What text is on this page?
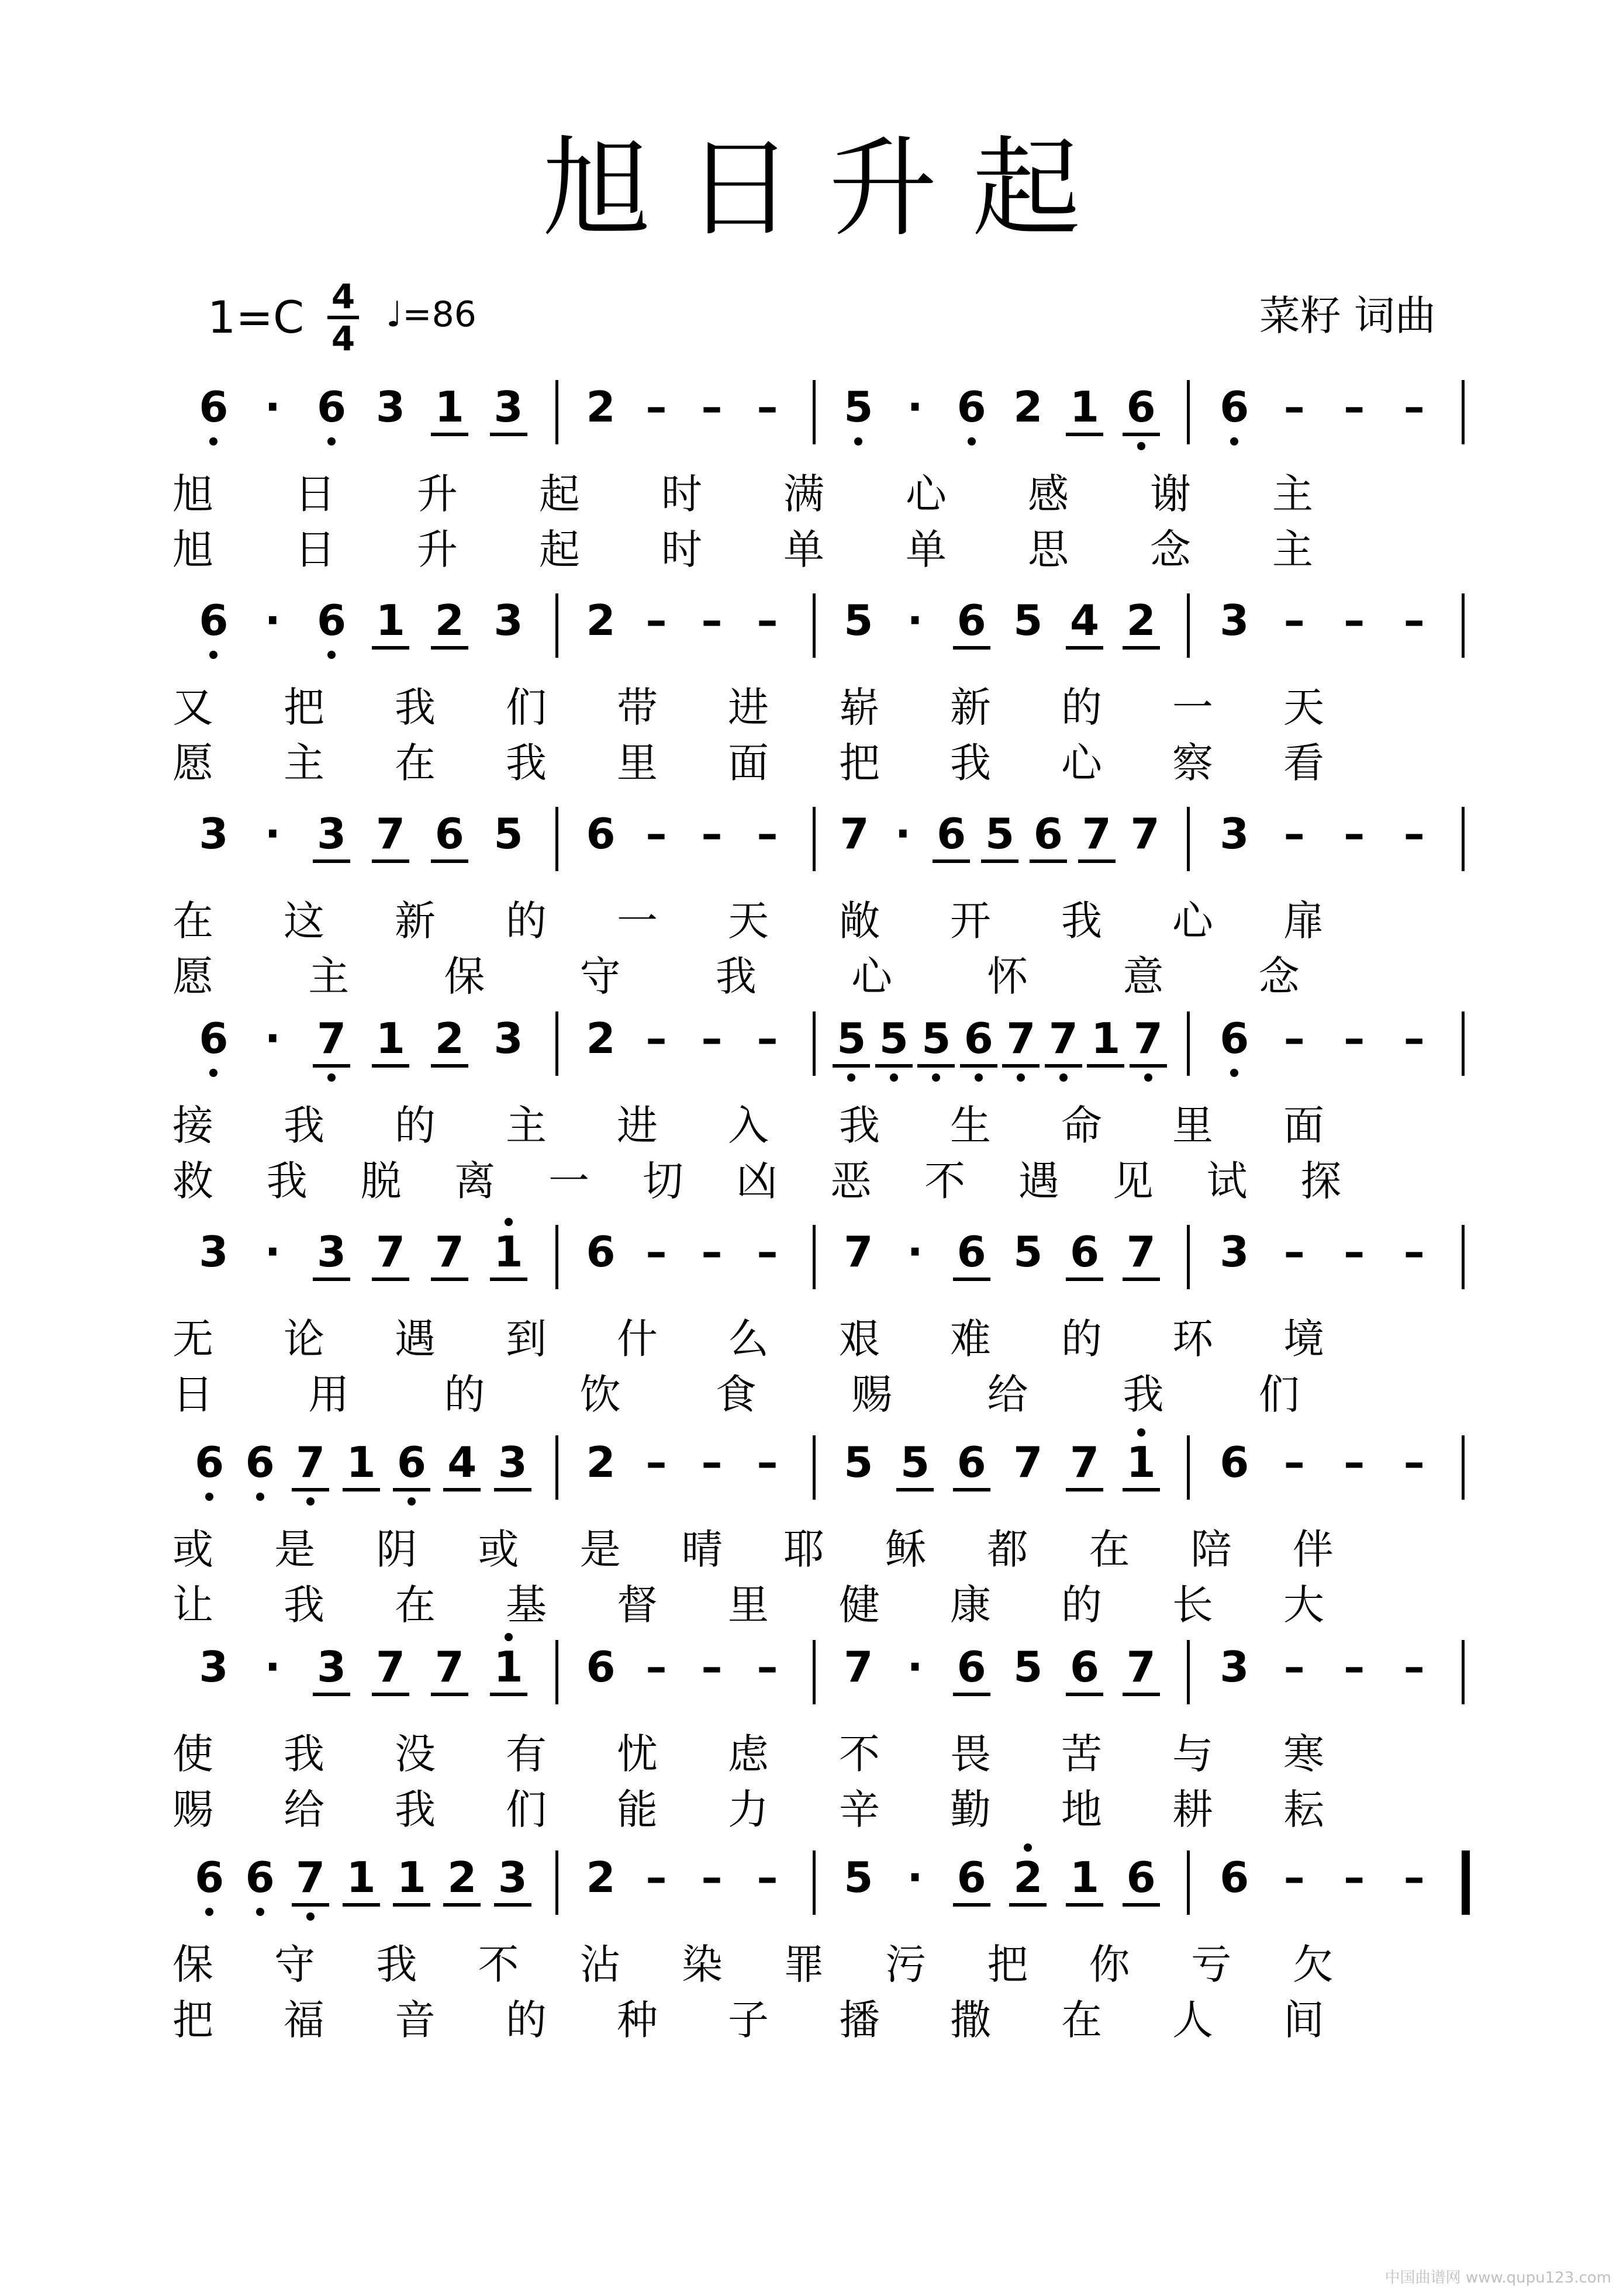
旭日升起
$1=C \frac{4}{4}$ ♩=86	菜籽 词曲
6 · 6 3 1 3 2 – – – 5 · 6 2 1 6 6 – – –
旭 日 升 起 时 满 心 感 谢 主
旭 日 升 起 时 单 单 思 念 主
6 · 6 1 2 3 2 – – – 5 · 6 5 4 2 3 – – –
又 把 我 们 带 进 崭 新 的 一 天
愿 主 在 我 里 面 把 我 心 察 看
3 · 3 7 6 5 6 – – – 7 · 6 5 6 7 7 3 – – –
在 这 新 的 一 天 敞 开 我 心 扉
愿 主 保 守 我 心 怀 意 念
6 · 7 1 2 3 2 – – – 5 5 5 6 7 7 1 7 6 – – –
接 我 的 主 进 入 我 生 命 里 面
救 我 脱 离 一 切 凶 恶 不 遇 见 试 探
3 · 3 7 7 1 6 – – – 7 · 6 5 6 7 3 – – –
无 论 遇 到 什 么 艰 难 的 环 境
日 用 的 饮 食 赐 给 我 们
6 6 7 1 6 4 3 2 – – – 5 5 6 7 7 1 6 – – –
或 是 阴 或 是 晴 耶 稣 都 在 陪 伴
让 我 在 基 督 里 健 康 的 长 大
3 · 3 7 7 1 6 – – – 7 · 6 5 6 7 3 – – –
使 我 没 有 忧 虑 不 畏 苦 与 寒
赐 给 我 们 能 力 辛 勤 地 耕 耘
6 6 7 1 1 2 3 2 – – – 5 · 6 2 1 6 6 – – –
保 守 我 不 沾 染 罪 污 把 你 亏 欠
把 福 音 的 种 子 播 撒 在 人 间
中国曲谱网 www.qupu123.com
